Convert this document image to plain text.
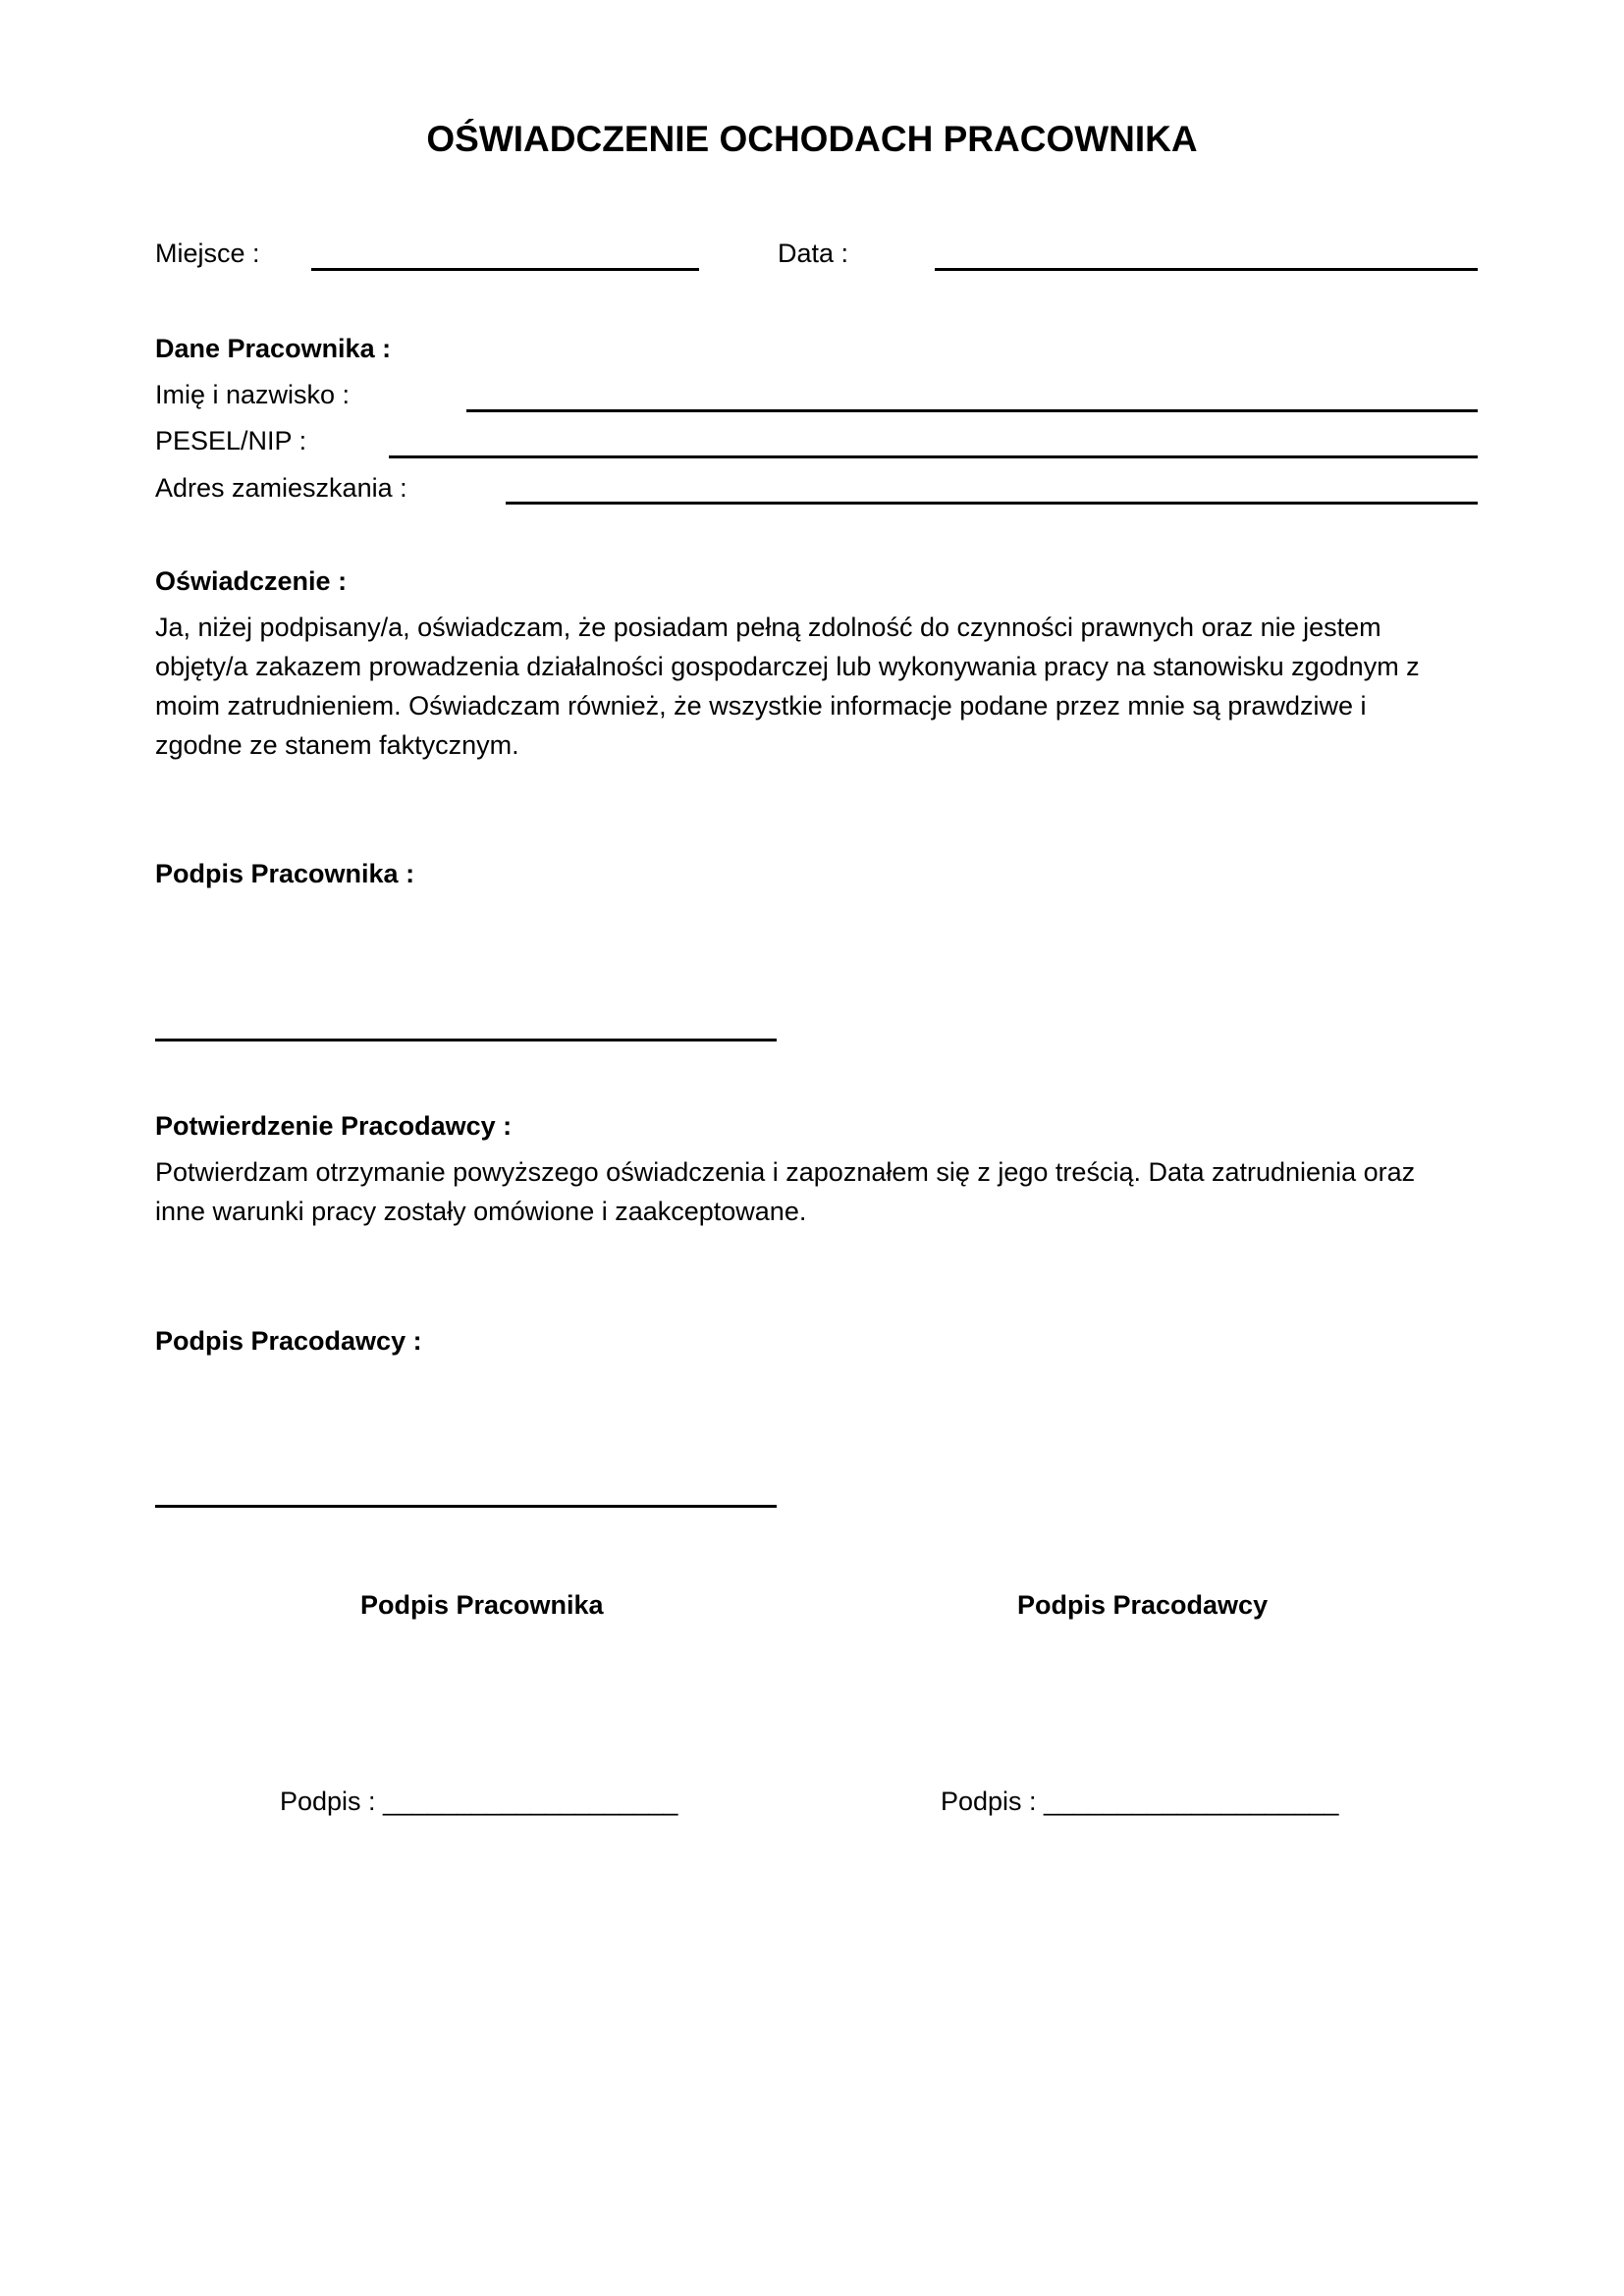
OŚWIADCZENIE OCHODACH PRACOWNIKA
Miejsce :	Data :
Dane Pracownika :
Imię i nazwisko :
PESEL/NIP :
Adres zamieszkania :
Oświadczenie :
Ja, niżej podpisany/a, oświadczam, że posiadam pełną zdolność do czynności prawnych oraz nie jestem
objęty/a zakazem prowadzenia działalności gospodarczej lub wykonywania pracy na stanowisku zgodnym z
moim zatrudnieniem. Oświadczam również, że wszystkie informacje podane przez mnie są prawdziwe i
zgodne ze stanem faktycznym.
Podpis Pracownika :
Potwierdzenie Pracodawcy :
Potwierdzam otrzymanie powyższego oświadczenia i zapoznałem się z jego treścią. Data zatrudnienia oraz
inne warunki pracy zostały omówione i zaakceptowane.
Podpis Pracodawcy :
Podpis Pracownika	Podpis Pracodawcy
Podpis : ____________________	Podpis : ____________________
